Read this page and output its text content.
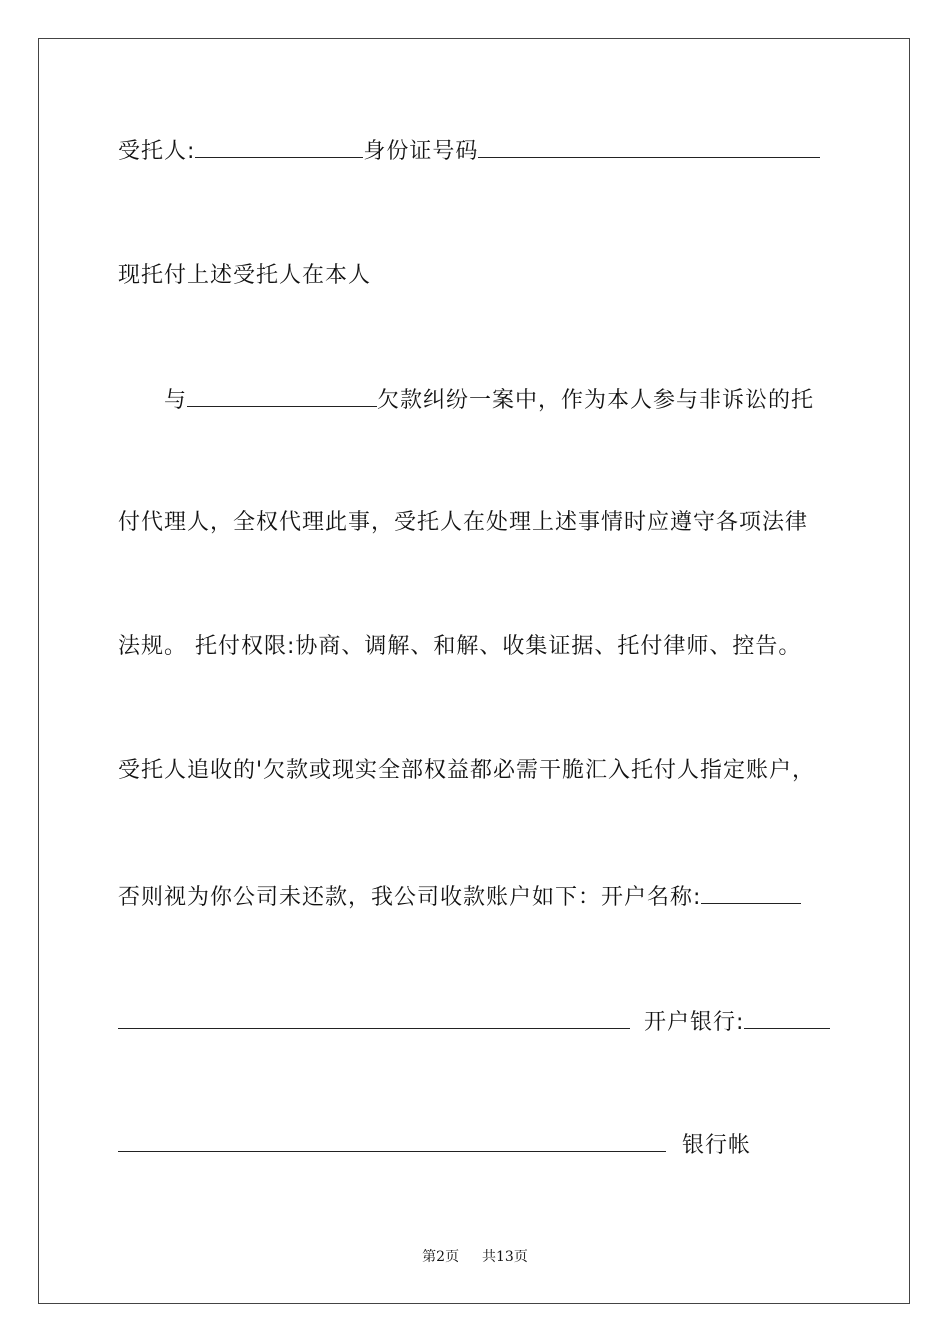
受托人:	身份证号码
现托付上述受托人在本人
与	欠款纠纷一案中，作为本人参与非诉讼的托
付代理人，全权代理此事，受托人在处理上述事情时应遵守各项法律
法规。 托付权限:协商、调解、和解、收集证据、托付律师、控告。
受托人追收的'欠款或现实全部权益都必需干脆汇入托付人指定账户，
否则视为你公司未还款，我公司收款账户如下：开户名称:
开户银行:
银行帐
第2页 共13页
